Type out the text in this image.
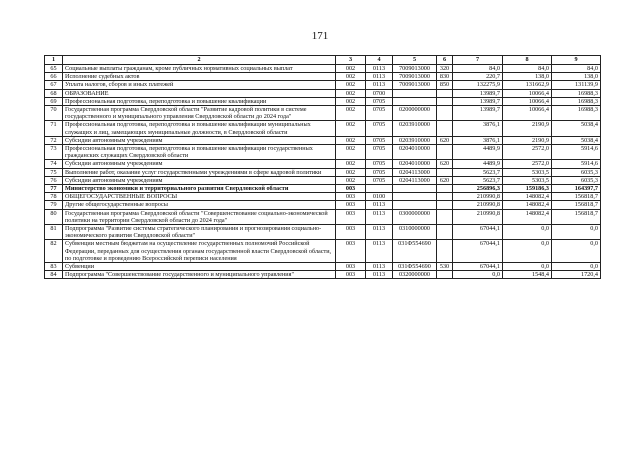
171
1	2	3	4	5	6	7	8	9
65	Социальные выплаты гражданам, кроме публичных нормативных социальных выплат	002	0113	7009013000	320	84,0	84,0	84,0
66	Исполнение судебных актов	002	0113	7009013000	830	220,7	138,0	138,0
67	Уплата налогов, сборов и иных платежей	002	0113	7009013000	850	132275,9	131662,9	131139,9
68	ОБРАЗОВАНИЕ	002	0700			13989,7	10066,4	16988,3
69	Профессиональная подготовка, переподготовка и повышение квалификации	002	0705			13989,7	10066,4	16988,3
70	Государственная программа Свердловской области "Развитие кадровой политики в системе государственного и муниципального управления Свердловской области до 2024 года"	002	0705	0200000000		13989,7	10066,4	16988,3
71	Профессиональная подготовка, переподготовка и повышение квалификации муниципальных служащих и лиц, замещающих муниципальные должности, в Свердловской области	002	0705	0203910000		3876,1	2190,9	5038,4
72	Субсидии автономным учреждениям	002	0705	0203910000	620	3876,1	2190,9	5038,4
73	Профессиональная подготовка, переподготовка и повышение квалификации государственных гражданских служащих Свердловской области	002	0705	0204010000		4489,9	2572,0	5914,6
74	Субсидии автономным учреждениям	002	0705	0204010000	620	4489,9	2572,0	5914,6
75	Выполнение работ, оказание услуг государственными учреждениями в сфере кадровой политики	002	0705	0204113000		5623,7	5303,5	6035,3
76	Субсидии автономным учреждениям	002	0705	0204113000	620	5623,7	5303,5	6035,3
77	Министерство экономики и территориального развития Свердловской области	003				256896,3	159186,3	164397,7
78	ОБЩЕГОСУДАРСТВЕННЫЕ ВОПРОСЫ	003	0100			210990,8	148082,4	156818,7
79	Другие общегосударственные вопросы	003	0113			210990,8	148082,4	156818,7
80	Государственная программа Свердловской области "Совершенствование социально-экономической политики на территории Свердловской области до 2024 года"	003	0113	0300000000		210990,8	148082,4	156818,7
81	Подпрограмма "Развитие системы стратегического планирования и прогнозирования социально-экономического развития Свердловской области"	003	0113	0310000000		67044,1	0,0	0,0
82	Субвенции местным бюджетам на осуществление государственных полномочий Российской Федерации, переданных для осуществления органам государственной власти Свердловской области, по подготовке и проведению Всероссийской переписи населения	003	0113	031Ф554690		67044,1	0,0	0,0
83	Субвенции	003	0113	031Ф554690	530	67044,1	0,0	0,0
84	Подпрограмма "Совершенствование государственного и муниципального управления"	003	0113	0320000000		0,0	1548,4	1720,4
